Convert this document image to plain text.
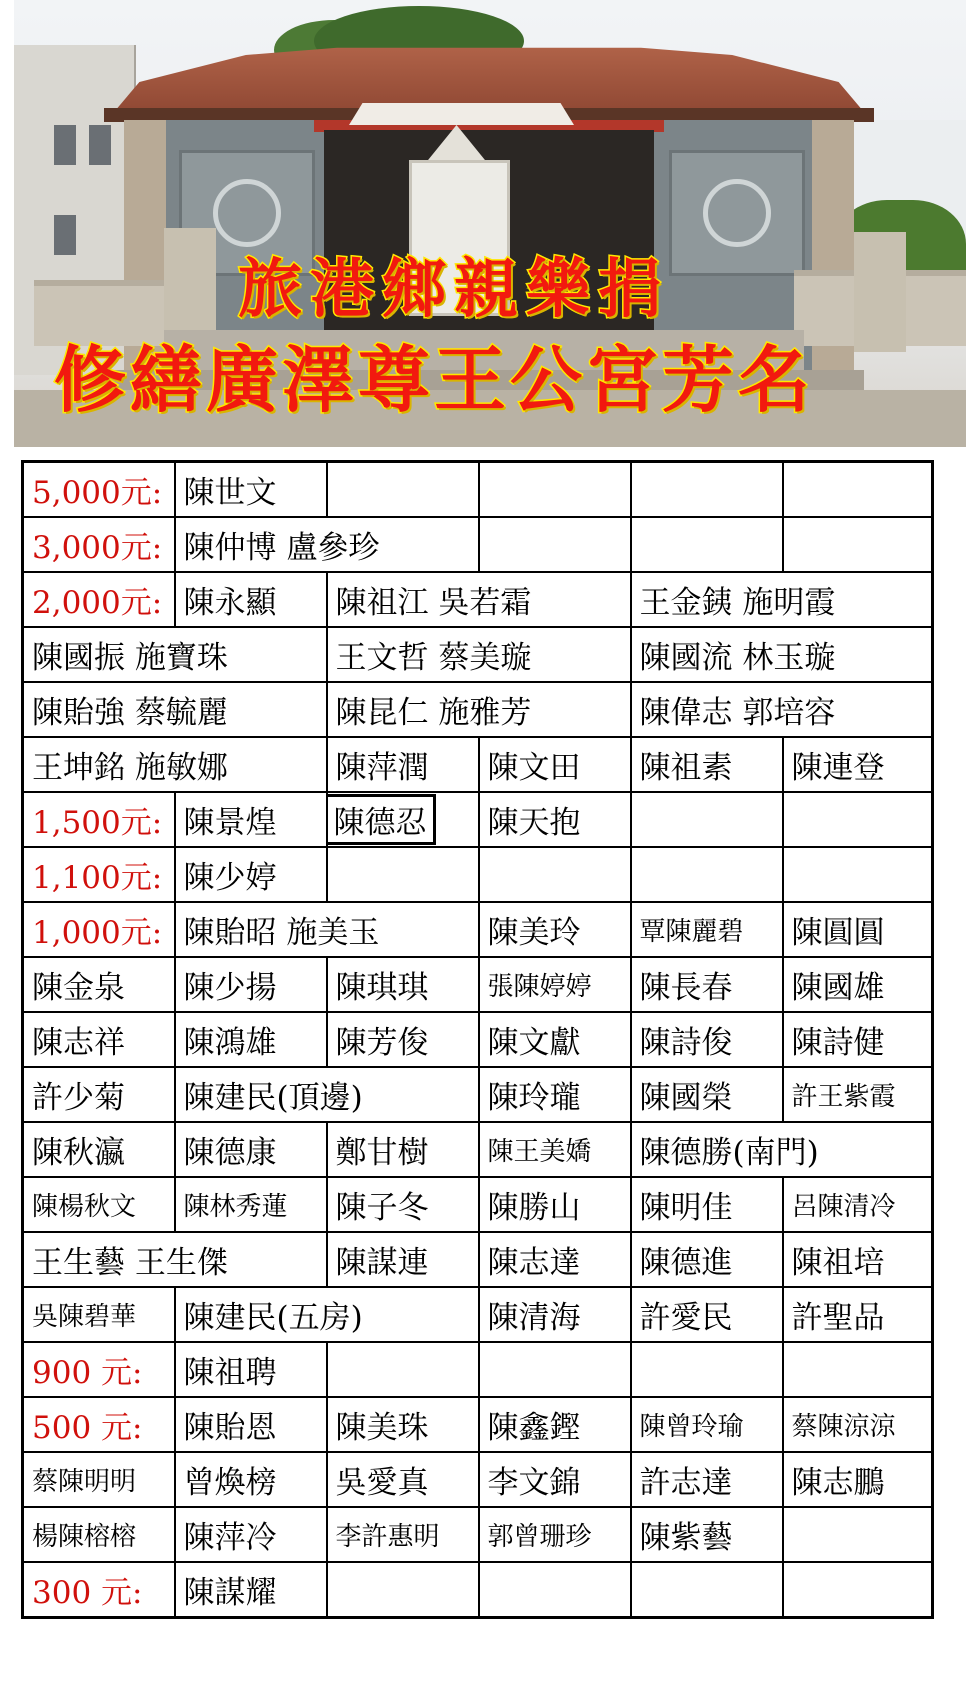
旅港鄉親樂捐
修繕廣澤尊王公宮芳名
5,000元:	陳世文				
3,000元:	陳仲博 盧參珍				
2,000元:	陳永顯	陳祖江 吳若霜		王金銕 施明霞	
陳國振 施寶珠		王文哲 蔡美璇		陳國流 林玉璇	
陳貽強 蔡毓麗		陳昆仁 施雅芳		陳偉志 郭培容	
王坤銘 施敏娜		陳萍潤	陳文田	陳祖素	陳連登
1,500元:	陳景煌	陳德忍	陳天抱		
1,100元:	陳少婷				
1,000元:	陳貽昭 施美玉		陳美玲	覃陳麗碧	陳圓圓
陳金泉	陳少揚	陳琪琪	張陳婷婷	陳長春	陳國雄
陳志祥	陳鴻雄	陳芳俊	陳文獻	陳詩俊	陳詩健
許少菊	陳建民(頂邊)		陳玲瓏	陳國榮	許王紫霞
陳秋瀛	陳德康	鄭甘樹	陳王美嬌	陳德勝(南門)	
陳楊秋文	陳林秀蓮	陳子冬	陳勝山	陳明佳	呂陳清冷
王生藝 王生傑		陳謀連	陳志達	陳德進	陳祖培
吳陳碧華	陳建民(五房)		陳清海	許愛民	許聖品
900 元:	陳祖聘				
500 元:	陳貽恩	陳美珠	陳鑫鏗	陳曾玲瑜	蔡陳涼涼
蔡陳明明	曾煥榜	吳愛真	李文錦	許志達	陳志鵬
楊陳榕榕	陳萍冷	李許惠明	郭曾珊珍	陳紫藝	
300 元:	陳謀耀				
